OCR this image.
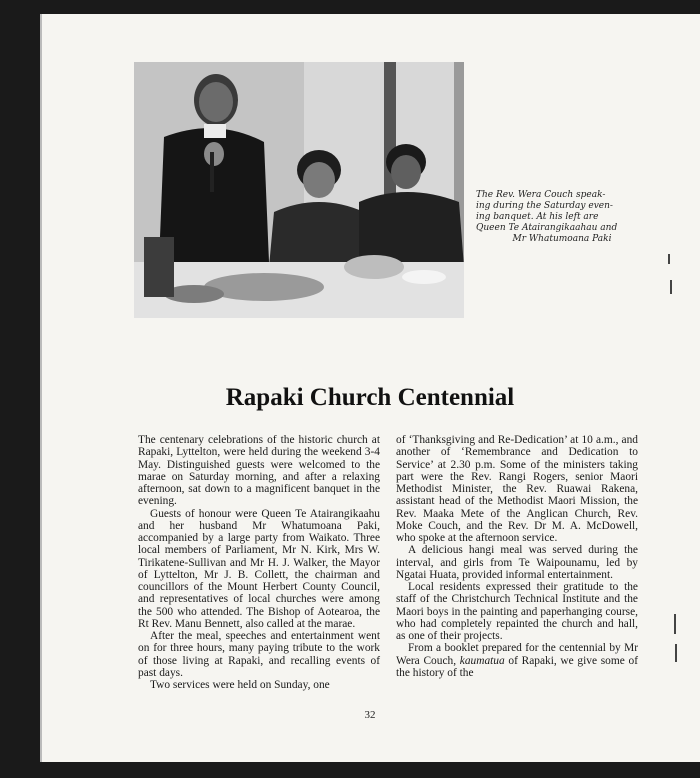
The Rev. Wera Couch speak-
ing during the Saturday even-
ing banquet. At his left are
Queen Te Atairangikaahau and
Mr Whatumoana Paki
Rapaki Church Centennial

The centenary celebrations of the historic church at Rapaki, Lyttelton, were held during the weekend 3-4 May. Distinguished guests were welcomed to the marae on Saturday morning, and after a relaxing afternoon, sat down to a magnificent banquet in the evening.

Guests of honour were Queen Te Atairangikaahu and her husband Mr Whatumoana Paki, accompanied by a large party from Waikato. Three local members of Parliament, Mr N. Kirk, Mrs W. Tirikatene-Sullivan and Mr H. J. Walker, the Mayor of Lyttelton, Mr J. B. Collett, the chairman and councillors of the Mount Herbert County Council, and representatives of local churches were among the 500 who attended. The Bishop of Aotearoa, the Rt Rev. Manu Bennett, also called at the marae.

After the meal, speeches and entertainment went on for three hours, many paying tribute to the work of those living at Rapaki, and recalling events of past days.

Two services were held on Sunday, one

of ‘Thanksgiving and Re-Dedication’ at 10 a.m., and another of ‘Remembrance and Dedication to Service’ at 2.30 p.m. Some of the ministers taking part were the Rev. Rangi Rogers, senior Maori Methodist Minister, the Rev. Ruawai Rakena, assistant head of the Methodist Maori Mission, the Rev. Maaka Mete of the Anglican Church, Rev. Moke Couch, and the Rev. Dr M. A. McDowell, who spoke at the afternoon service.

A delicious hangi meal was served during the interval, and girls from Te Waipounamu, led by Ngatai Huata, provided informal entertainment.

Local residents expressed their gratitude to the staff of the Christchurch Technical Institute and the Maori boys in the painting and paperhanging course, who had completely repainted the church and hall, as one of their projects.

From a booklet prepared for the centennial by Mr Wera Couch, kaumatua of Rapaki, we give some of the history of the

32
